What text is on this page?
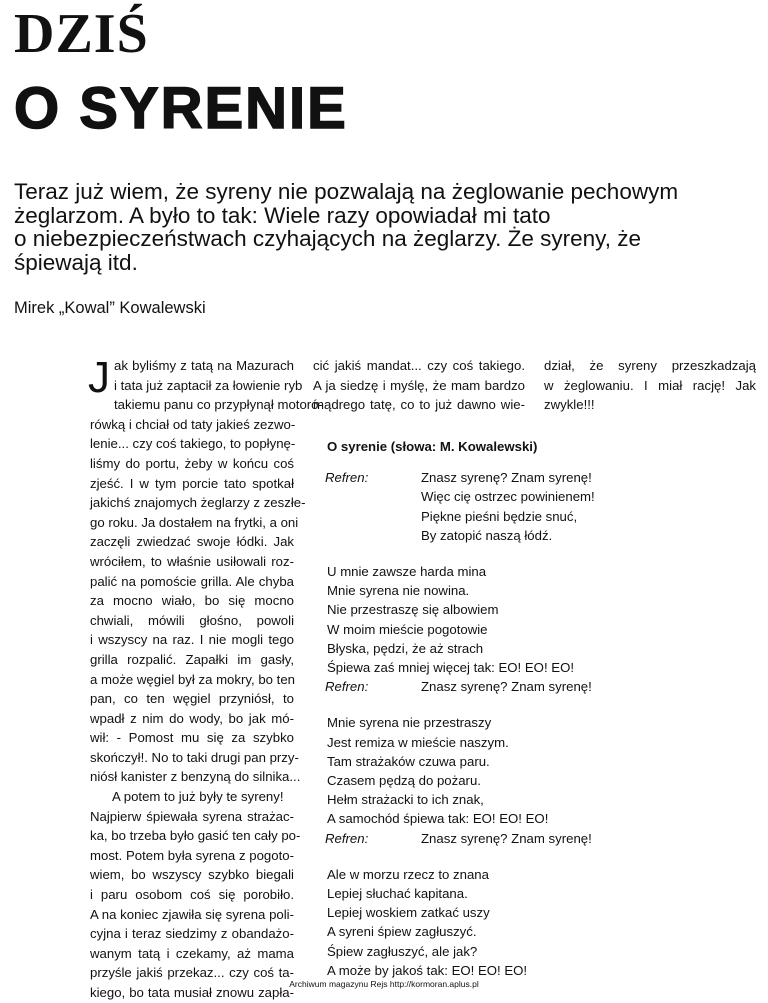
DZIŚ
O SYRENIE

Teraz już wiem, że syreny nie pozwalają na żeglowanie pechowym
żeglarzom. A było to tak: Wiele razy opowiadał mi tato
o niebezpieczeństwach czyhających na żeglarzy. Że syreny, że
śpiewają itd.

Mirek „Kowal” Kowalewski

J ak byliśmy z tatą na Mazurach
i tata już zaptacił za łowienie ryb
takiemu panu co przypłynął motoró-
rówką i chciał od taty jakieś zezwo-
lenie... czy coś takiego, to popłynę-
liśmy do portu, żeby w końcu coś
zjeść. I w tym porcie tato spotkał
jakichś znajomych żeglarzy z zeszłe-
go roku. Ja dostałem na frytki, a oni
zaczęli zwiedzać swoje łódki. Jak
wróciłem, to właśnie usiłowali roz-
palić na pomoście grilla. Ale chyba
za mocno wiało, bo się mocno
chwiali, mówili głośno, powoli
i wszyscy na raz. I nie mogli tego
grilla rozpalić. Zapałki im gasły,
a może węgiel był za mokry, bo ten
pan, co ten węgiel przyniósł, to
wpadł z nim do wody, bo jak mó-
wił: - Pomost mu się za szybko
skończył!. No to taki drugi pan przy-
niósł kanister z benzyną do silnika...
A potem to już były te syreny!
Najpierw śpiewała syrena strażac-
ka, bo trzeba było gasić ten cały po-
most. Potem była syrena z pogoto-
wiem, bo wszyscy szybko biegali
i paru osobom coś się porobiło.
A na koniec zjawiła się syrena poli-
cyjna i teraz siedzimy z obandażo-
wanym tatą i czekamy, aż mama
przyśle jakiś przekaz... czy coś ta-
kiego, bo tata musiał znowu zapła-
cić jakiś mandat... czy coś takiego.
A ja siedzę i myślę, że mam bardzo
mądrego tatę, co to już dawno wie-
dział, że syreny przeszkadzają
w żeglowaniu. I miał rację! Jak
zwykle!!!
O syrenie (słowa: M. Kowalewski)
Refren:	Znasz syrenę? Znam syrenę!
Więc cię ostrzec powinienem!
Piękne pieśni będzie snuć,
By zatopić naszą łódź.
U mnie zawsze harda mina
Mnie syrena nie nowina.
Nie przestraszę się albowiem
W moim mieście pogotowie
Błyska, pędzi, że aż strach
Śpiewa zaś mniej więcej tak: EO! EO! EO!
Refren:	Znasz syrenę? Znam syrenę!
Mnie syrena nie przestraszy
Jest remiza w mieście naszym.
Tam strażaków czuwa paru.
Czasem pędzą do pożaru.
Hełm strażacki to ich znak,
A samochód śpiewa tak: EO! EO! EO!
Refren:	Znasz syrenę? Znam syrenę!
Ale w morzu rzecz to znana
Lepiej słuchać kapitana.
Lepiej woskiem zatkać uszy
A syreni śpiew zagłuszyć.
Śpiew zagłuszyć, ale jak?
A może by jakoś tak: EO! EO! EO!
Archiwum magazynu Rejs http://kormoran.aplus.pl
